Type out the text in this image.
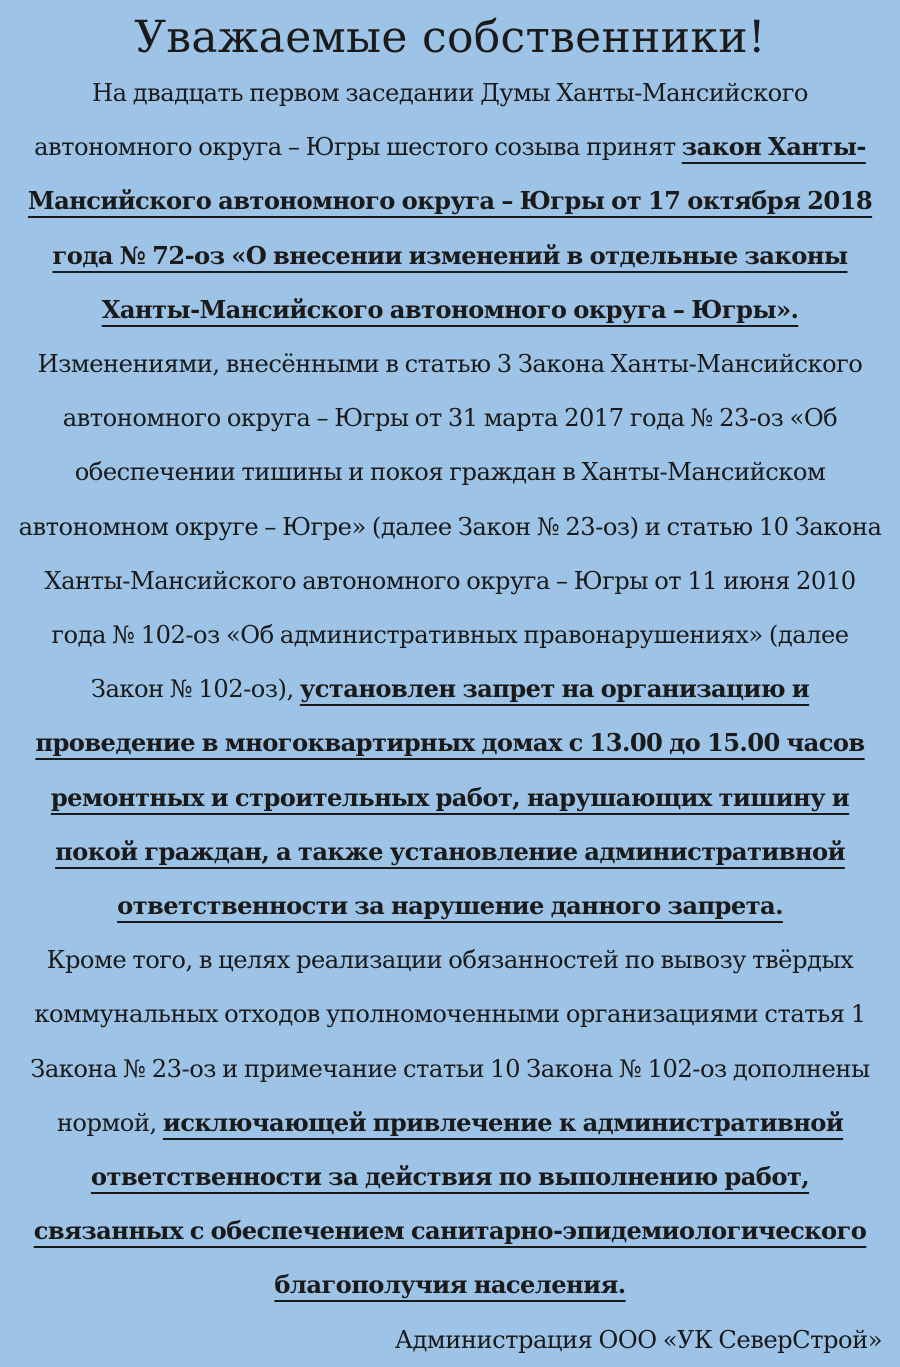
Уважаемые собственники!

На двадцать первом заседании Думы Ханты-Мансийского автономного округа – Югры шестого созыва принят закон Ханты-Мансийского автономного округа – Югры от 17 октября 2018 года № 72-оз «О внесении изменений в отдельные законы Ханты-Мансийского автономного округа – Югры».

Изменениями, внесёнными в статью 3 Закона Ханты-Мансийского автономного округа – Югры от 31 марта 2017 года № 23-оз «Об обеспечении тишины и покоя граждан в Ханты-Мансийском автономном округе – Югре» (далее Закон № 23-оз) и статью 10 Закона Ханты-Мансийского автономного округа – Югры от 11 июня 2010 года № 102-оз «Об административных правонарушениях» (далее Закон № 102-оз), установлен запрет на организацию и проведение в многоквартирных домах с 13.00 до 15.00 часов ремонтных и строительных работ, нарушающих тишину и покой граждан, а также установление административной ответственности за нарушение данного запрета.

Кроме того, в целях реализации обязанностей по вывозу твёрдых коммунальных отходов уполномоченными организациями статья 1 Закона № 23-оз и примечание статьи 10 Закона № 102-оз дополнены нормой, исключающей привлечение к административной ответственности за действия по выполнению работ, связанных с обеспечением санитарно-эпидемиологического благополучия населения.

Администрация ООО «УК СеверСтрой»
